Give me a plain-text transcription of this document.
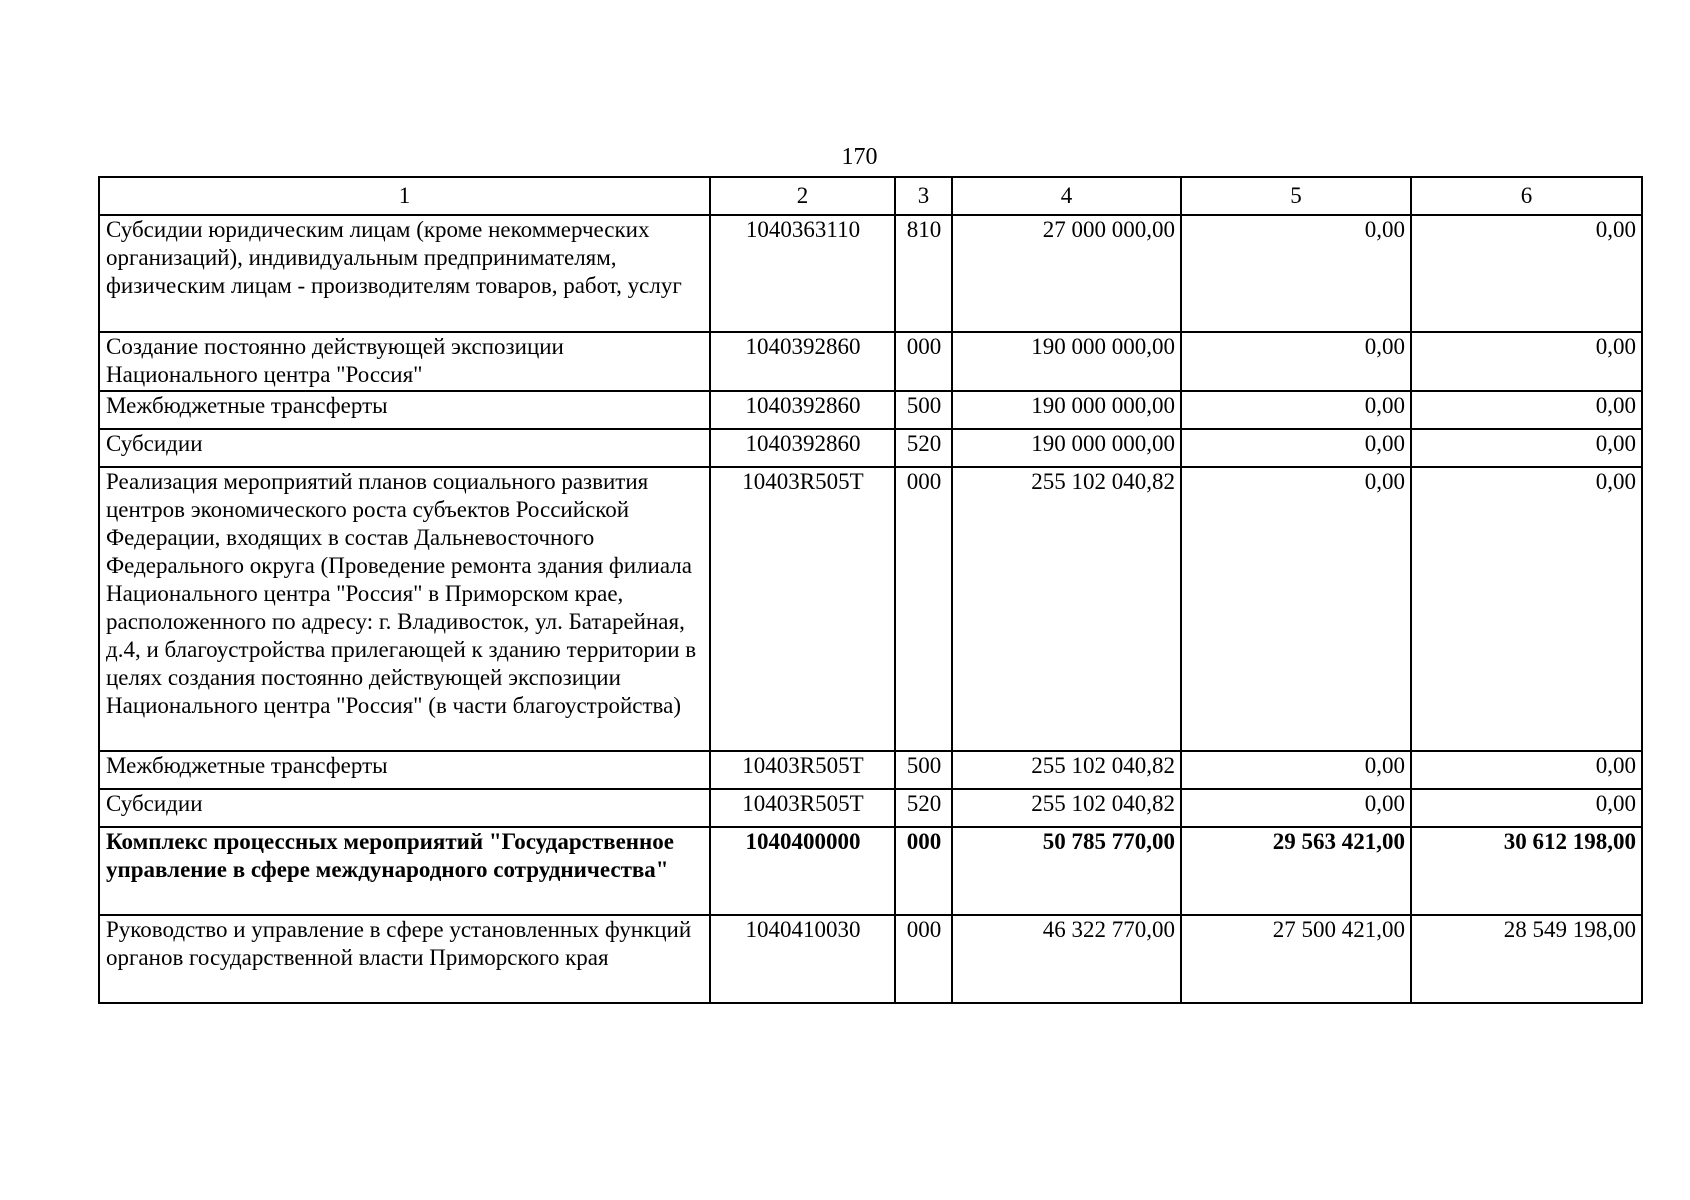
170
1	2	3	4	5	6
Субсидии юридическим лицам (кроме некоммерческих организаций), индивидуальным предпринимателям, физическим лицам - производителям товаров, работ, услуг	1040363110	810	27 000 000,00	0,00	0,00
Создание постоянно действующей экспозиции Национального центра "Россия"	1040392860	000	190 000 000,00	0,00	0,00
Межбюджетные трансферты	1040392860	500	190 000 000,00	0,00	0,00
Субсидии	1040392860	520	190 000 000,00	0,00	0,00
Реализация мероприятий планов социального развития центров экономического роста субъектов Российской Федерации, входящих в состав Дальневосточного Федерального округа (Проведение ремонта здания филиала Национального центра "Россия" в Приморском крае, расположенного по адресу: г. Владивосток, ул. Батарейная, д.4, и благоустройства прилегающей к зданию территории в целях создания постоянно действующей экспозиции Национального центра "Россия" (в части благоустройства)	10403R505T	000	255 102 040,82	0,00	0,00
Межбюджетные трансферты	10403R505T	500	255 102 040,82	0,00	0,00
Субсидии	10403R505T	520	255 102 040,82	0,00	0,00
Комплекс процессных мероприятий "Государственное управление в сфере международного сотрудничества"	1040400000	000	50 785 770,00	29 563 421,00	30 612 198,00
Руководство и управление в сфере установленных функций органов государственной власти Приморского края	1040410030	000	46 322 770,00	27 500 421,00	28 549 198,00
